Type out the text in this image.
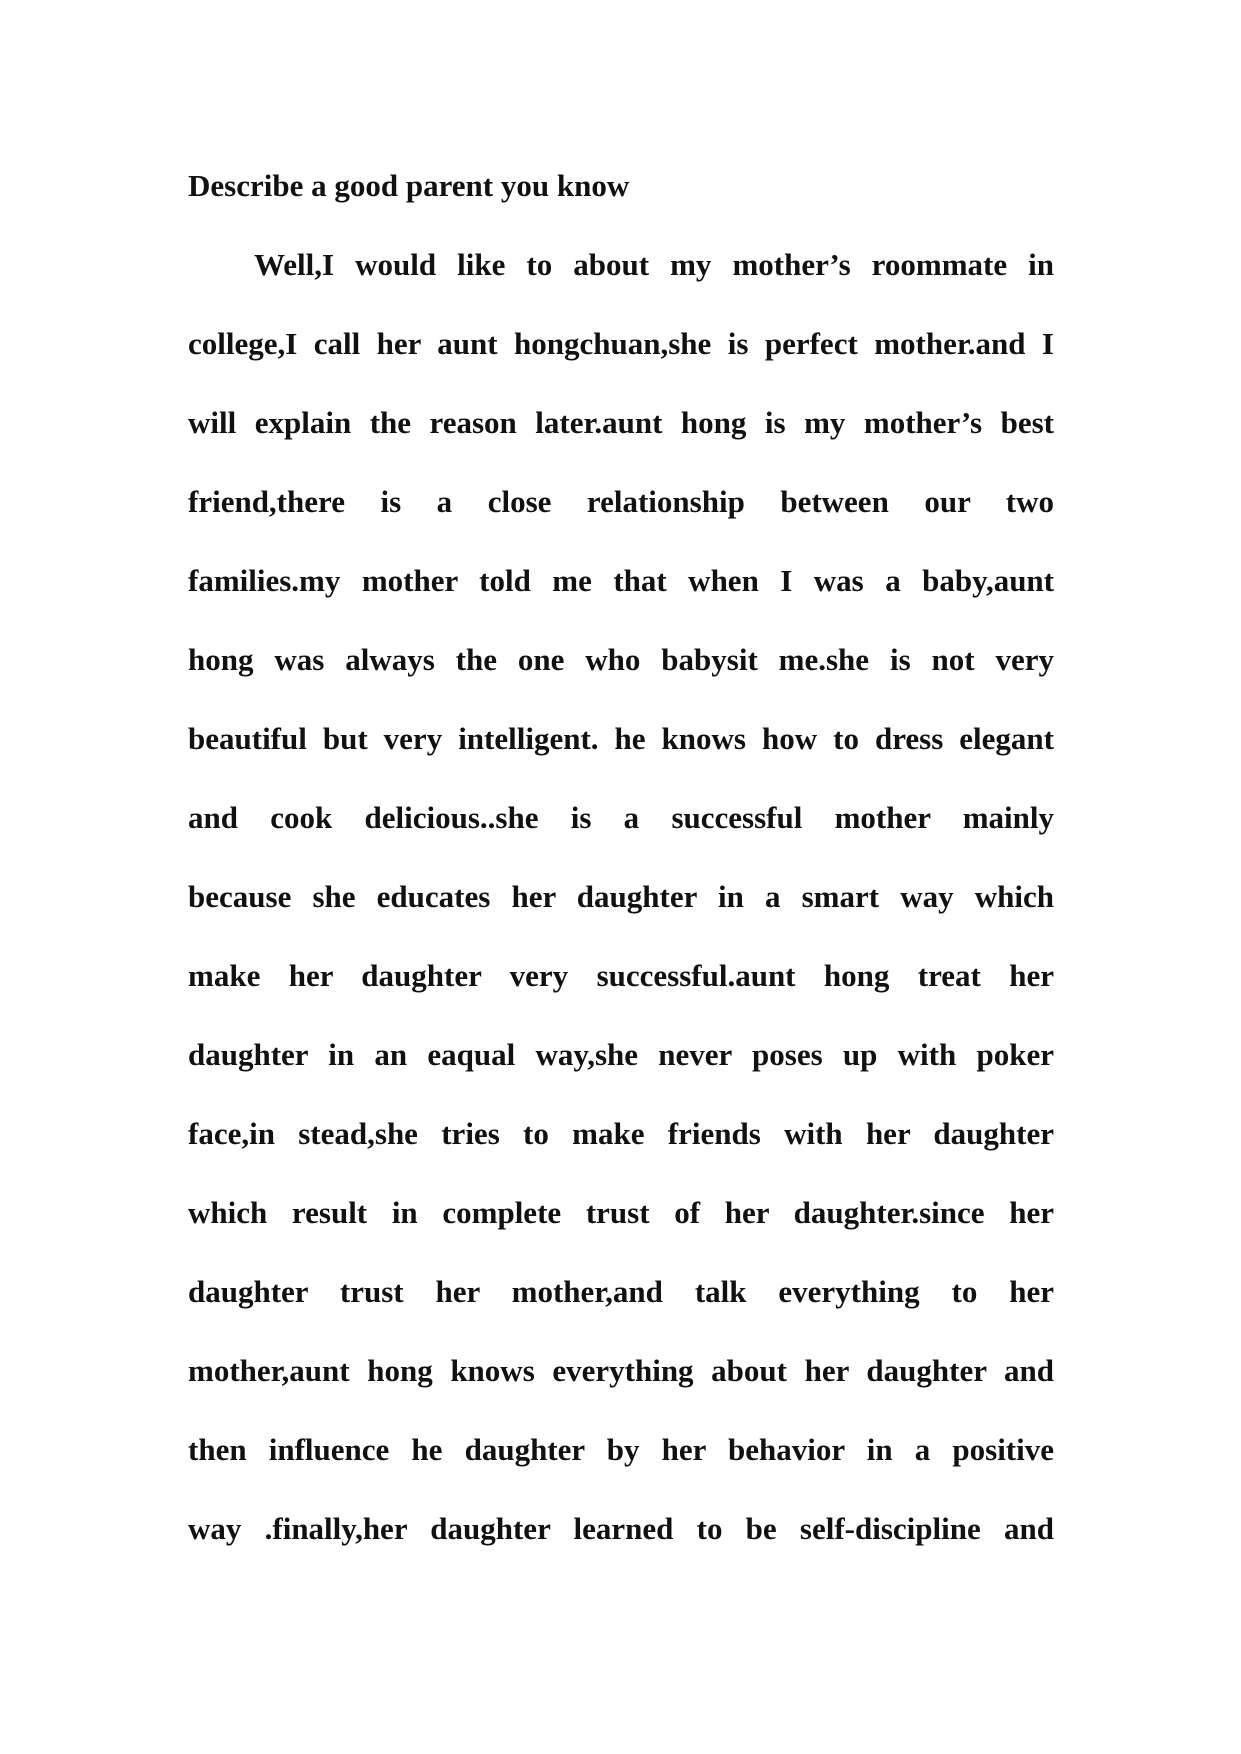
Describe a good parent you know
Well,I would like to about my mother’s roommate in
college,I call her aunt hongchuan,she is perfect mother.and I
will explain the reason later.aunt hong is my mother’s best
friend,there is a close relationship between our two
families.my mother told me that when I was a baby,aunt
hong was always the one who babysit me.she is not very
beautiful but very intelligent. he knows how to dress elegant
and cook delicious..she is a successful mother mainly
because she educates her daughter in a smart way which
make her daughter very successful.aunt hong treat her
daughter in an eaqual way,she never poses up with poker
face,in stead,she tries to make friends with her daughter
which result in complete trust of her daughter.since her
daughter trust her mother,and talk everything to her
mother,aunt hong knows everything about her daughter and
then influence he daughter by her behavior in a positive
way .finally,her daughter learned to be self-discipline and
